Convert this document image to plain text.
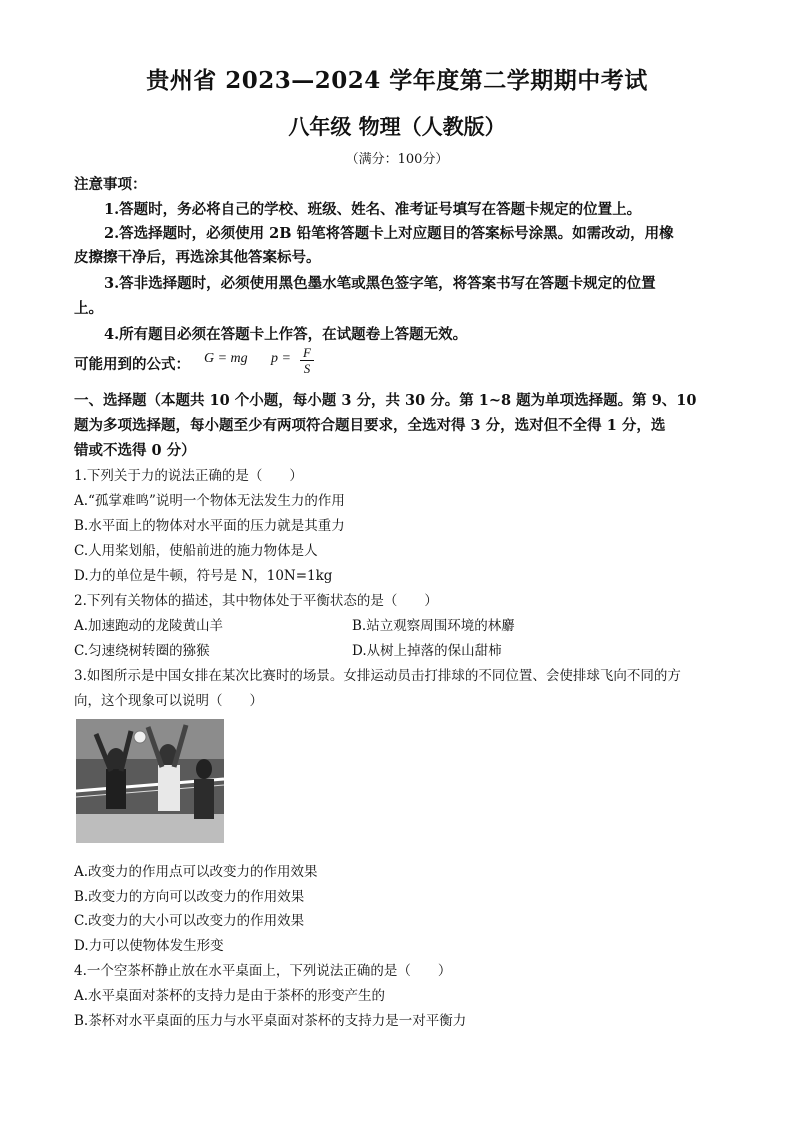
贵州省 2023—2024 学年度第二学期期中考试
八年级 物理（人教版）
（满分：100分）
注意事项：
1.答题时，务必将自己的学校、班级、姓名、准考证号填写在答题卡规定的位置上。
2.答选择题时，必须使用 2B 铅笔将答题卡上对应题目的答案标号涂黑。如需改动，用橡
皮擦擦干净后，再选涂其他答案标号。
3.答非选择题时，必须使用黑色墨水笔或黑色签字笔，将答案书写在答题卡规定的位置
上。
4.所有题目必须在答题卡上作答，在试题卷上答题无效。
可能用到的公式： G = mg p = F
S
一、选择题（本题共 10 个小题，每小题 3 分，共 30 分。第 1~8 题为单项选择题。第 9、10
题为多项选择题，每小题至少有两项符合题目要求，全选对得 3 分，选对但不全得 1 分，选
错或不选得 0 分）
1.下列关于力的说法正确的是（　　）
A.“孤掌难鸣”说明一个物体无法发生力的作用
B.水平面上的物体对水平面的压力就是其重力
C.人用桨划船，使船前进的施力物体是人
D.力的单位是牛顿，符号是 N，10N=1kg
2.下列有关物体的描述，其中物体处于平衡状态的是（　　）
A.加速跑动的龙陵黄山羊	B.站立观察周围环境的林麝
C.匀速绕树转圈的猕猴	D.从树上掉落的保山甜柿
3.如图所示是中国女排在某次比赛时的场景。女排运动员击打排球的不同位置、会使排球飞向不同的方
向，这个现象可以说明（　　）
A.改变力的作用点可以改变力的作用效果
B.改变力的方向可以改变力的作用效果
C.改变力的大小可以改变力的作用效果
D.力可以使物体发生形变
4.一个空茶杯静止放在水平桌面上，下列说法正确的是（　　）
A.水平桌面对茶杯的支持力是由于茶杯的形变产生的
B.茶杯对水平桌面的压力与水平桌面对茶杯的支持力是一对平衡力
